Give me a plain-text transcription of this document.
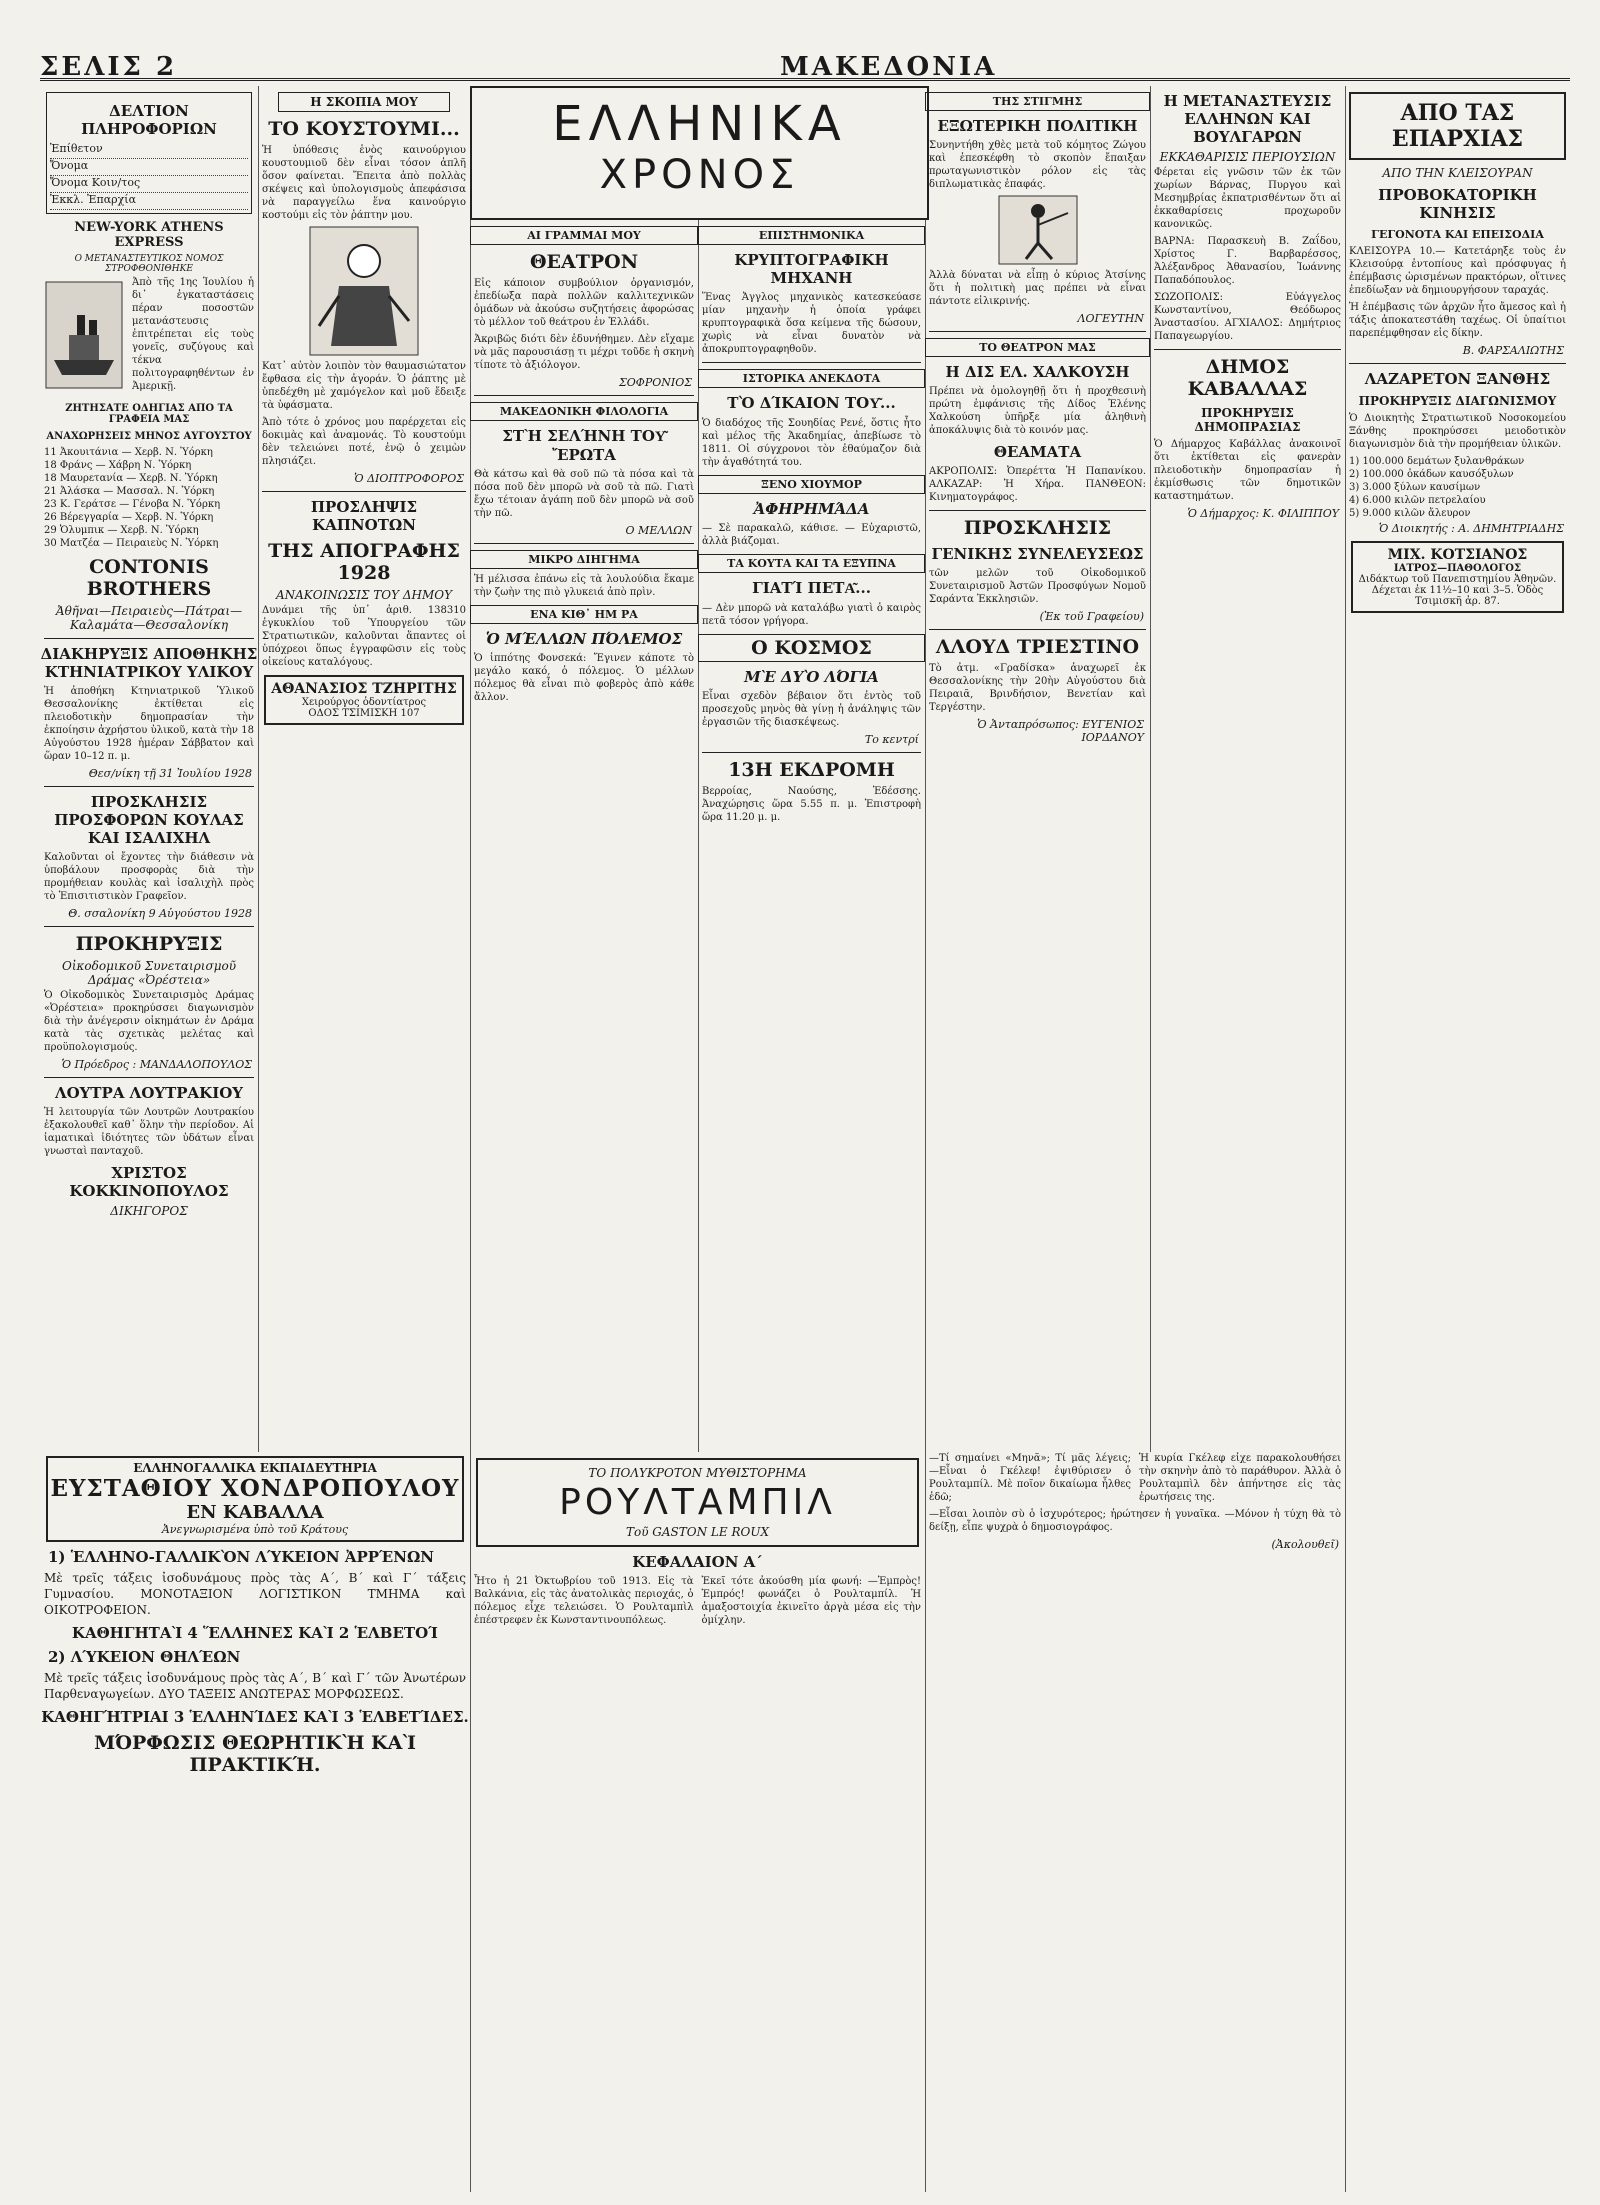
ΣΕΛΙΣ 2	ΜΑΚΕΔΟΝΙΑ
ΔΕΛΤΙΟΝ ΠΛΗΡΟΦΟΡΙΩΝ
Ἐπίθετον
Ὄνομα
Ὄνομα Κοιν/τος
Ἐκκλ. Ἐπαρχία
NEW-YORK ATHENS EXPRESS
Ο ΜΕΤΑΝΑΣΤΕΥΤΙΚΟΣ ΝΟΜΟΣ ΣΤΡΟΦΘΟΝΙΘΗΚΕ
Ἀπὸ τῆς 1ης Ἰουλίου ἡ δι᾽ ἐγκαταστάσεις πέραν ποσοστῶν μετανάστευσις ἐπιτρέπεται εἰς τοὺς γονεῖς, συζύγους καὶ τέκνα πολιτογραφηθέντων ἐν Ἀμερικῇ.
ΖΗΤΗΣΑΤΕ ΟΔΗΓΙΑΣ ΑΠΟ ΤΑ ΓΡΑΦΕΙΑ ΜΑΣ
ΑΝΑΧΩΡΗΣΕΙΣ ΜΗΝΟΣ ΑΥΓΟΥΣΤΟΥ
11 Ἀκουιτάνια — Χερβ. Ν. Ὑόρκη
18 Φράνς — Χάβρη Ν. Ὑόρκη
18 Μαυρετανία — Χερβ. Ν. Ὑόρκη
21 Ἀλάσκα — Μασσαλ. Ν. Ὑόρκη
23 Κ. Γεράτσε — Γένοβα Ν. Ὑόρκη
26 Βέρεγγαρία — Χερβ. Ν. Ὑόρκη
29 Ὁλυμπικ — Χερβ. Ν. Ὑόρκη
30 Ματζέα — Πειραιεὺς Ν. Ὑόρκη
CONTONIS BROTHERS
Ἀθῆναι—Πειραιεὺς—Πάτραι—Καλαμάτα—Θεσσαλονίκη
ΔΙΑΚΗΡΥΞΙΣ ΑΠΟΘΗΚΗΣ ΚΤΗΝΙΑΤΡΙΚΟΥ ΥΛΙΚΟΥ
Ἡ ἀποθήκη Κτηνιατρικοῦ Ὑλικοῦ Θεσσαλονίκης ἐκτίθεται εἰς πλειοδοτικὴν δημοπρασίαν τὴν ἐκποίησιν ἀχρήστου ὑλικοῦ, κατὰ τὴν 18 Αὐγούστου 1928 ἡμέραν Σάββατον καὶ ὥραν 10–12 π. μ.
Θεσ/νίκη τῇ 31 Ἰουλίου 1928
ΠΡΟΣΚΛΗΣΙΣ ΠΡΟΣΦΟΡΩΝ ΚΟΥΛΑΣ ΚΑΙ ΙΣΑΛΙΧΗΛ
Καλοῦνται οἱ ἔχοντες τὴν διάθεσιν νὰ ὑποβάλουν προσφορὰς διὰ τὴν προμήθειαν κουλὰς καὶ ἰσαλιχὴλ πρὸς τὸ Ἐπισιτιστικὸν Γραφεῖον.
Θ. σσαλονίκη 9 Αὐγούστου 1928
ΠΡΟΚΗΡΥΞΙΣ
Οἰκοδομικοῦ Συνεταιρισμοῦ Δράμας «Ὀρέστεια»
Ὁ Οἰκοδομικὸς Συνεταιρισμὸς Δράμας «Ὀρέστεια» προκηρύσσει διαγωνισμὸν διὰ τὴν ἀνέγερσιν οἰκημάτων ἐν Δράμα κατὰ τὰς σχετικὰς μελέτας καὶ προϋπολογισμούς.
Ὁ Πρόεδρος : ΜΑΝΔΑΛΟΠΟΥΛΟΣ
ΛΟΥΤΡΑ ΛΟΥΤΡΑΚΙΟΥ
Ἡ λειτουργία τῶν Λουτρῶν Λουτρακίου ἐξακολουθεῖ καθ᾽ ὅλην τὴν περίοδον. Αἱ ἰαματικαὶ ἰδιότητες τῶν ὑδάτων εἶναι γνωσταὶ πανταχοῦ.
ΧΡΙΣΤΟΣ ΚΟΚΚΙΝΟΠΟΥΛΟΣ
ΔΙΚΗΓΟΡΟΣ
Η ΣΚΟΠΙΑ ΜΟΥ
ΤΟ ΚΟΥΣΤΟΥΜΙ...
Ἡ ὑπόθεσις ἑνὸς καινούργιου κουστουμιοῦ δὲν εἶναι τόσον ἁπλῆ ὅσον φαίνεται. Ἔπειτα ἀπὸ πολλὰς σκέψεις καὶ ὑπολογισμοὺς ἀπεφάσισα νὰ παραγγείλω ἕνα καινούργιο κοστούμι εἰς τὸν ῥάπτην μου.
Κατ᾽ αὐτὸν λοιπὸν τὸν θαυμασιώτατον ἔφθασα εἰς τὴν ἀγοράν. Ὁ ῥάπτης μὲ ὑπεδέχθη μὲ χαμόγελον καὶ μοῦ ἔδειξε τὰ ὑφάσματα.
Ἀπὸ τότε ὁ χρόνος μου παρέρχεται εἰς δοκιμὰς καὶ ἀναμονάς. Τὸ κουστούμι δὲν τελειώνει ποτέ, ἐνῷ ὁ χειμὼν πλησιάζει.
Ὁ ΔΙΟΠΤΡΟΦΟΡΟΣ
ΠΡΟΣΛΗΨΙΣ ΚΑΠΝΟΤΩΝ
ΤΗΣ ΑΠΟΓΡΑΦΗΣ 1928
ΑΝΑΚΟΙΝΩΣΙΣ ΤΟΥ ΔΗΜΟΥ
Δυνάμει τῆς ὑπ᾽ ἀριθ. 138310 ἐγκυκλίου τοῦ Ὑπουργείου τῶν Στρατιωτικῶν, καλοῦνται ἅπαντες οἱ ὑπόχρεοι ὅπως ἐγγραφῶσιν εἰς τοὺς οἰκείους καταλόγους.
ΑΘΑΝΑΣΙΟΣ ΤΖΗΡΙΤΗΣ
Χειρούργος ὀδοντίατρος
ΟΔΟΣ ΤΣΙΜΙΣΚΗ 107
ΕΛΛΗΝΙΚΑ
ΧΡΟΝΟΣ
ΑΙ ΓΡΑΜΜΑΙ ΜΟΥ
ΘΕΑΤΡΟΝ
Εἰς κάποιον συμβούλιον ὀργανισμόν, ἐπεδίωξα παρὰ πολλῶν καλλιτεχνικῶν ὁμάδων νὰ ἀκούσω συζητήσεις ἀφορώσας τὸ μέλλον τοῦ θεάτρου ἐν Ἑλλάδι.
Ἀκριβῶς διότι δὲν ἐδυνήθημεν. Δὲν εἴχαμε νὰ μᾶς παρουσιάσῃ τι μέχρι τοῦδε ἡ σκηνὴ τίποτε τὸ ἀξιόλογον.
ΣΟΦΡΟΝΙΟΣ
ΜΑΚΕΔΟΝΙΚΗ ΦΙΛΟΛΟΓΙΑ
ΣΤῊ ΣΕΛΉΝΗ ΤΟΥ͂ ἜΡΩΤΑ
Θὰ κάτσω καὶ θὰ σοῦ πῶ τὰ πόσα καὶ τὰ πόσα ποῦ δὲν μπορῶ νὰ σοῦ τὰ πῶ. Γιατὶ ἔχω τέτοιαν ἀγάπη ποῦ δὲν μπορῶ νὰ σοῦ τὴν πῶ.
Ο ΜΕΛΛΩΝ
ΜΙΚΡΟ ΔΙΗΓΗΜΑ
Ἡ μέλισσα ἐπάνω εἰς τὰ λουλούδια ἔκαμε τὴν ζωὴν της πιὸ γλυκειά ἀπὸ πρὶν.
ΕΝΑ ΚΙΘ᾽ ΗΜ ΡΑ
Ὁ ΜΈΛΛΩΝ ΠΌΛΕΜΟΣ
Ὁ ἱππότης Φονσεκά: Ἔγινεν κάποτε τὸ μεγάλο κακό, ὁ πόλεμος. Ὁ μέλλων πόλεμος θὰ εἶναι πιὸ φοβερὸς ἀπὸ κάθε ἄλλον.
ΕΠΙΣΤΗΜΟΝΙΚΑ
ΚΡΥΠΤΟΓΡΑΦΙΚΗ ΜΗΧΑΝΗ
Ἕνας Ἀγγλος μηχανικὸς κατεσκεύασε μίαν μηχανὴν ἡ ὁποία γράφει κρυπτογραφικὰ ὅσα κείμενα τῆς δώσουν, χωρὶς νὰ εἶναι δυνατὸν νὰ ἀποκρυπτογραφηθοῦν.
ΙΣΤΟΡΙΚΑ ΑΝΕΚΔΟΤΑ
ΤῸ ΔΊΚΑΙΟΝ ΤΟΥ͂...
Ὁ διαδόχος τῆς Σουηδίας Ρενέ, ὅστις ἦτο καὶ μέλος τῆς Ἀκαδημίας, ἀπεβίωσε τὸ 1811. Οἱ σύγχρονοι τὸν ἐθαύμαζον διὰ τὴν ἀγαθότητά του.
ΞΕΝΟ ΧΙΟΥΜΟΡ
ἈΦΗΡΗΜΆΔΑ
— Σὲ παρακαλῶ, κάθισε. — Εὐχαριστῶ, ἀλλὰ βιάζομαι.
ΤΑ ΚΟΥΤΑ ΚΑΙ ΤΑ ΕΞΥΠΝΑ
ΓΙΑΤΊ ΠΕΤΑ͂...
— Δὲν μπορῶ νὰ καταλάβω γιατὶ ὁ καιρὸς πετᾶ τόσον γρήγορα.
Ο ΚΟΣΜΟΣ
ΜῈ ΔΥῸ ΛΌΓΙΑ
Εἶναι σχεδὸν βέβαιον ὅτι ἐντὸς τοῦ προσεχοῦς μηνὸς θὰ γίνῃ ἡ ἀνάληψις τῶν ἐργασιῶν τῆς διασκέψεως.
Το κεντρί
13Η ΕΚΔΡΟΜΗ
Βερροίας, Ναούσης, Ἐδέσσης. Ἀναχώρησις ὥρα 5.55 π. μ. Ἐπιστροφὴ ὥρα 11.20 μ. μ.
ΤΗΣ ΣΤΙΓΜΗΣ
ΕΞΩΤΕΡΙΚΗ ΠΟΛΙΤΙΚΗ
Συνηντήθη χθὲς μετὰ τοῦ κόμητος Ζώγου καὶ ἐπεσκέφθη τὸ σκοπὸν ἔπαιξαν πρωταγωνιστικὸν ρόλον εἰς τὰς διπλωματικὰς ἐπαφάς.
Ἀλλὰ δύναται νὰ εἶπῃ ὁ κύριος Ἀτσίνης ὅτι ἡ πολιτικὴ μας πρέπει νὰ εἶναι πάντοτε εἰλικρινής.
ΛΟΓΕΥΤΗΝ
ΤΟ ΘΕΑΤΡΟΝ ΜΑΣ
Η ΔΙΣ ΕΛ. ΧΑΛΚΟΥΣΗ
Πρέπει νὰ ὁμολογηθῇ ὅτι ἡ προχθεσινὴ πρώτη ἐμφάνισις τῆς Δίδος Ἐλένης Χαλκούση ὑπῆρξε μία ἀληθινὴ ἀποκάλυψις διὰ τὸ κοινόν μας.
ΘΕΑΜΑΤΑ
ΑΚΡΟΠΟΛΙΣ: Ὀπερέττα Ἡ Παπανίκου. ΑΛΚΑΖΑΡ: Ἡ Χήρα. ΠΑΝΘΕΟΝ: Κινηματογράφος.
ΠΡΟΣΚΛΗΣΙΣ
ΓΕΝΙΚΗΣ ΣΥΝΕΛΕΥΣΕΩΣ
τῶν μελῶν τοῦ Οἰκοδομικοῦ Συνεταιρισμοῦ Ἀστῶν Προσφύγων Νομοῦ Σαράντα Ἐκκλησιῶν.
(Ἐκ τοῦ Γραφείου)
ΛΛΟΥΔ ΤΡΙΕΣΤΙΝΟ
Τὸ ἀτμ. «Γραδίσκα» ἀναχωρεῖ ἐκ Θεσσαλονίκης τὴν 20ὴν Αὐγούστου διὰ Πειραιᾶ, Βρινδήσιον, Βενετίαν καὶ Τεργέστην.
Ὁ Ἀνταπρόσωπος: ΕΥΓΕΝΙΟΣ ΙΟΡΔΑΝΟΥ
Η ΜΕΤΑΝΑΣΤΕΥΣΙΣ ΕΛΛΗΝΩΝ ΚΑΙ ΒΟΥΛΓΑΡΩΝ
ΕΚΚΑΘΑΡΙΣΙΣ ΠΕΡΙΟΥΣΙΩΝ
Φέρεται εἰς γνῶσιν τῶν ἐκ τῶν χωρίων Βάρνας, Πυργου καὶ Μεσημβρίας ἐκπατρισθέντων ὅτι αἱ ἐκκαθαρίσεις προχωροῦν κανονικῶς.
ΒΑΡΝΑ: Παρασκευὴ Β. Ζαΐδου, Χρίστος Γ. Βαρβαρέσσος, Ἀλέξανδρος Ἀθανασίου, Ἰωάννης Παπαδόπουλος.
ΣΩΖΟΠΟΛΙΣ: Εὐάγγελος Κωνσταντίνου, Θεόδωρος Ἀναστασίου. ΑΓΧΙΑΛΟΣ: Δημήτριος Παπαγεωργίου.
ΔΗΜΟΣ ΚΑΒΑΛΛΑΣ
ΠΡΟΚΗΡΥΞΙΣ ΔΗΜΟΠΡΑΣΙΑΣ
Ὁ Δήμαρχος Καβάλλας ἀνακοινοῖ ὅτι ἐκτίθεται εἰς φανερὰν πλειοδοτικὴν δημοπρασίαν ἡ ἐκμίσθωσις τῶν δημοτικῶν καταστημάτων.
Ὁ Δήμαρχος: Κ. ΦΙΛΙΠΠΟΥ
ΑΠΟ ΤΑΣ ΕΠΑΡΧΙΑΣ
ΑΠΟ ΤΗΝ ΚΛΕΙΣΟΥΡΑΝ
ΠΡΟΒΟΚΑΤΟΡΙΚΗ ΚΙΝΗΣΙΣ
ΓΕΓΟΝΟΤΑ ΚΑΙ ΕΠΕΙΣΟΔΙΑ
ΚΛΕΙΣΟΥΡΑ 10.— Κατετάρηξε τοὺς ἐν Κλεισούρᾳ ἐντοπίους καὶ πρόσφυγας ἡ ἐπέμβασις ὡρισμένων πρακτόρων, οἵτινες ἐπεδίωξαν νὰ δημιουργήσουν ταραχάς.
Ἡ ἐπέμβασις τῶν ἀρχῶν ἦτο ἄμεσος καὶ ἡ τάξις ἀποκατεστάθη ταχέως. Οἱ ὑπαίτιοι παρεπέμφθησαν εἰς δίκην.
Β. ΦΑΡΣΑΛΙΩΤΗΣ
ΛΑΖΑΡΕΤΟΝ ΞΑΝΘΗΣ
ΠΡΟΚΗΡΥΞΙΣ ΔΙΑΓΩΝΙΣΜΟΥ
Ὁ Διοικητὴς Στρατιωτικοῦ Νοσοκομείου Ξάνθης προκηρύσσει μειοδοτικὸν διαγωνισμὸν διὰ τὴν προμήθειαν ὑλικῶν.
1) 100.000 δεμάτων ξυλανθράκων
2) 100.000 ὀκάδων καυσόξυλων
3) 3.000 ξύλων καυσίμων
4) 6.000 κιλῶν πετρελαίου
5) 9.000 κιλῶν ἄλευρον
Ὁ Διοικητής : Α. ΔΗΜΗΤΡΙΑΔΗΣ
ΜΙΧ. ΚΟΤΣΙΑΝΟΣ
ΙΑΤΡΟΣ—ΠΑΘΟΛΟΓΟΣ
Διδάκτωρ τοῦ Πανεπιστημίου Ἀθηνῶν. Δέχεται ἐκ 11½–10 καὶ 3–5. Ὁδὸς Τσιμισκῆ ἀρ. 87.
ΕΛΛΗΝΟΓΑΛΛΙΚΑ ΕΚΠΑΙΔΕΥΤΗΡΙΑ
ΕΥΣΤΑΘΙΟΥ ΧΟΝΔΡΟΠΟΥΛΟΥ
ΕΝ ΚΑΒΑΛΛΑ
Ἀνεγνωρισμένα ὑπὸ τοῦ Κράτους
1) ἙΛΛΗΝΟ-ΓΑΛΛΙΚῸΝ ΛΎΚΕΙΟΝ ἈΡΡΈΝΩΝ
Μὲ τρεῖς τάξεις ἰσοδυνάμους πρὸς τὰς Α΄, Β΄ καὶ Γ΄ τάξεις Γυμνασίου. ΜΟΝΟΤΑΞΙΟΝ ΛΟΓΙΣΤΙΚΟΝ ΤΜΗΜΑ καὶ ΟΙΚΟΤΡΟΦΕΙΟΝ.
ΚΑΘΗΓΗΤΑῚ 4 ἝΛΛΗΝΕΣ ΚΑῚ 2 ἙΛΒΕΤΟΊ
2) ΛΎΚΕΙΟΝ ΘΗΛΈΩΝ
Μὲ τρεῖς τάξεις ἰσοδυνάμους πρὸς τὰς Α΄, Β΄ καὶ Γ΄ τῶν Ἀνωτέρων Παρθεναγωγείων. ΔΥΟ ΤΑΞΕΙΣ ΑΝΩΤΕΡΑΣ ΜΟΡΦΩΣΕΩΣ.
ΚΑΘΗΓΉΤΡΙΑΙ 3 ἙΛΛΗΝΊΔΕΣ ΚΑῚ 3 ἙΛΒΕΤΊΔΕΣ.
ΜΌΡΦΩΣΙΣ ΘΕΩΡΗΤΙΚῊ ΚΑῚ ΠΡΑΚΤΙΚΉ.
ΤΟ ΠΟΛΥΚΡΟΤΟΝ ΜΥΘΙΣΤΟΡΗΜΑ
ΡΟΥΛΤΑΜΠΙΛ
Τοῦ GASTON LE ROUX
ΚΕΦΑΛΑΙΟΝ Α΄
Ἦτο ἡ 21 Ὀκτωβρίου τοῦ 1913. Εἰς τὰ Βαλκάνια, εἰς τὰς ἀνατολικὰς περιοχάς, ὁ πόλεμος εἶχε τελειώσει. Ὁ Ρουλταμπὶλ ἐπέστρεφεν ἐκ Κωνσταντινουπόλεως.
Ἐκεῖ τότε ἀκούσθη μία φωνή: —Ἐμπρὸς! Ἐμπρός! φωνάζει ὁ Ρουλταμπίλ. Ἡ ἁμαξοστοιχία ἐκινεῖτο ἀργὰ μέσα εἰς τὴν ὁμίχλην.
—Τί σημαίνει «Μηνᾶ»; Τί μᾶς λέγεις; —Εἶναι ὁ Γκέλεφ! ἐψιθύρισεν ὁ Ρουλταμπίλ. Μὲ ποῖον δικαίωμα ἦλθες ἐδῶ;
Ἡ κυρία Γκέλεφ εἶχε παρακολουθήσει τὴν σκηνὴν ἀπὸ τὸ παράθυρον. Ἀλλὰ ὁ Ρουλταμπὶλ δὲν ἀπήντησε εἰς τὰς ἐρωτήσεις της.
—Εἶσαι λοιπὸν σὺ ὁ ἰσχυρότερος; ἠρώτησεν ἡ γυναῖκα. —Μόνον ἡ τύχη θὰ τὸ δείξῃ, εἶπε ψυχρὰ ὁ δημοσιογράφος.
(Ἀκολουθεῖ)
